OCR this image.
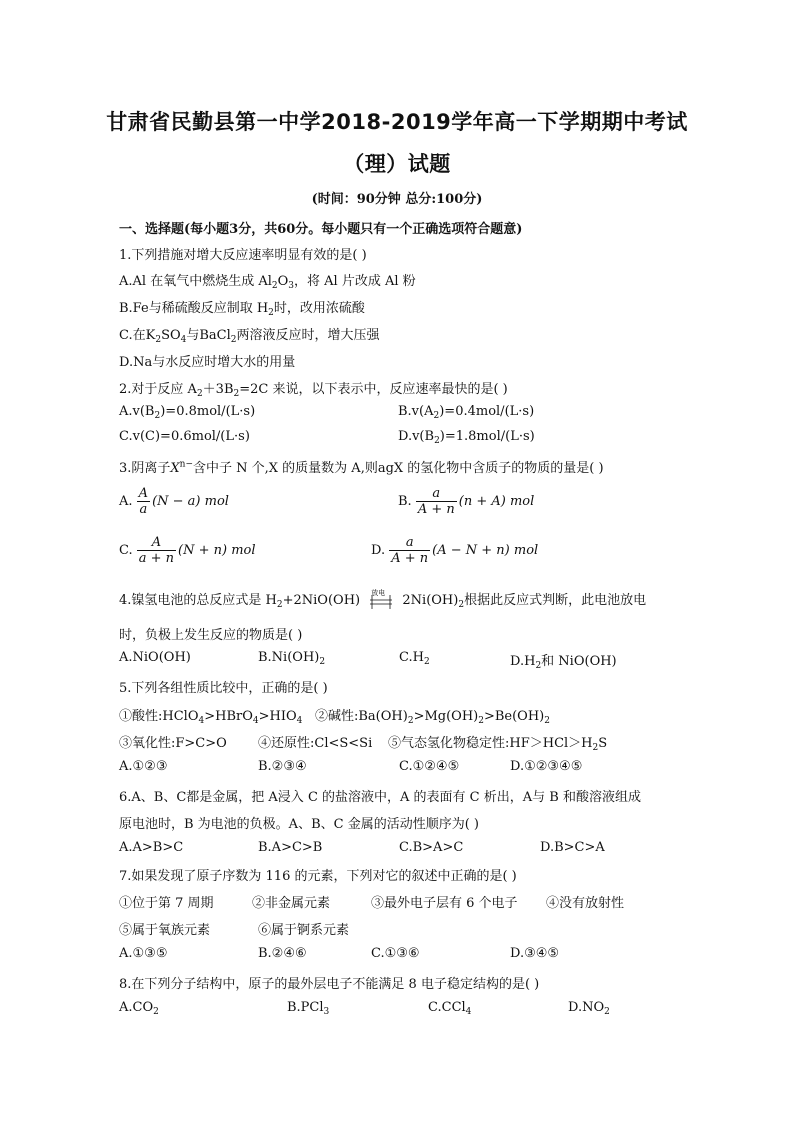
甘肃省民勤县第一中学2018-2019学年高一下学期期中考试
（理）试题
(时间：90分钟 总分:100分)
一、选择题(每小题3分，共60分。每小题只有一个正确选项符合题意)
1.下列措施对增大反应速率明显有效的是( )
A.Al 在氧气中燃烧生成 $Al_2O_3$，将 Al 片改成 Al 粉
B.Fe与稀硫酸反应制取 $H_2$时，改用浓硫酸
C.在$K_2SO_4$与BaCl$_2$两溶液反应时，增大压强
D.Na与水反应时增大水的用量
2.对于反应 $A_2+3B_2=2C$ 来说，以下表示中，反应速率最快的是( )
$A.v(B_2)=0.8mol/(L\cdot s)$	$B.v(A_2)=0.4mol/(L\cdot s)$
C.v(C)=0.6mol/(L·s)	$D.v(B_2)=1.8mol/(L\cdot s)$
3.阴离子$X^{n-}$含中子 N 个,X 的质量数为 A,则agX 的氢化物中含质子的物质的量是( )
A. $\frac{A}{a} (N - a)$ mol	B. $\frac{a}{A + n} (n + A)$ mol
C. $\frac{A}{a + n} (N + n)$ mol	D. $\frac{a}{A + n} (A - N + n)$ mol
4.镍氢电池的总反应式是 $H_2+2NiO(OH)$
放电
$2Ni(OH)_2$根据此反应式判断，此电池放电
时，负极上发生反应的物质是( )
A.NiO(OH)	$B.Ni(OH)_2$	$C.H_2$	$D.H_2$和 NiO(OH)
5.下列各组性质比较中，正确的是( )
①酸性$:HClO_4>HBrO_4>HIO_4$ ②碱性$:Ba(OH)_2>Mg(OH)_2>Be(OH)_2$
③氧化性:F>C>O ④还原性:Cl<S<Si ⑤气态氢化物稳定性$:HF>HCl>H_2S$
A.①②③	B.②③④	C.①②④⑤	D.①②③④⑤
6.A、B、C都是金属，把 A浸入 C 的盐溶液中，A 的表面有 C 析出，A与 B 和酸溶液组成
原电池时，B 为电池的负极。A、B、C 金属的活动性顺序为( )
A.A>B>C	B.A>C>B	C.B>A>C	D.B>C>A
7.如果发现了原子序数为 116 的元素，下列对它的叙述中正确的是( )
①位于第 7 周期	②非金属元素	③最外电子层有 6 个电子 ④没有放射性
⑤属于氧族元素	⑥属于锕系元素
A.①③⑤	B.②④⑥	C.①③⑥	D.③④⑤
8.在下列分子结构中，原子的最外层电子不能满足 8 电子稳定结构的是( )
$A.CO_2$	B.PCl$_3$	C.CCl$_4$	$D.NO_2$
